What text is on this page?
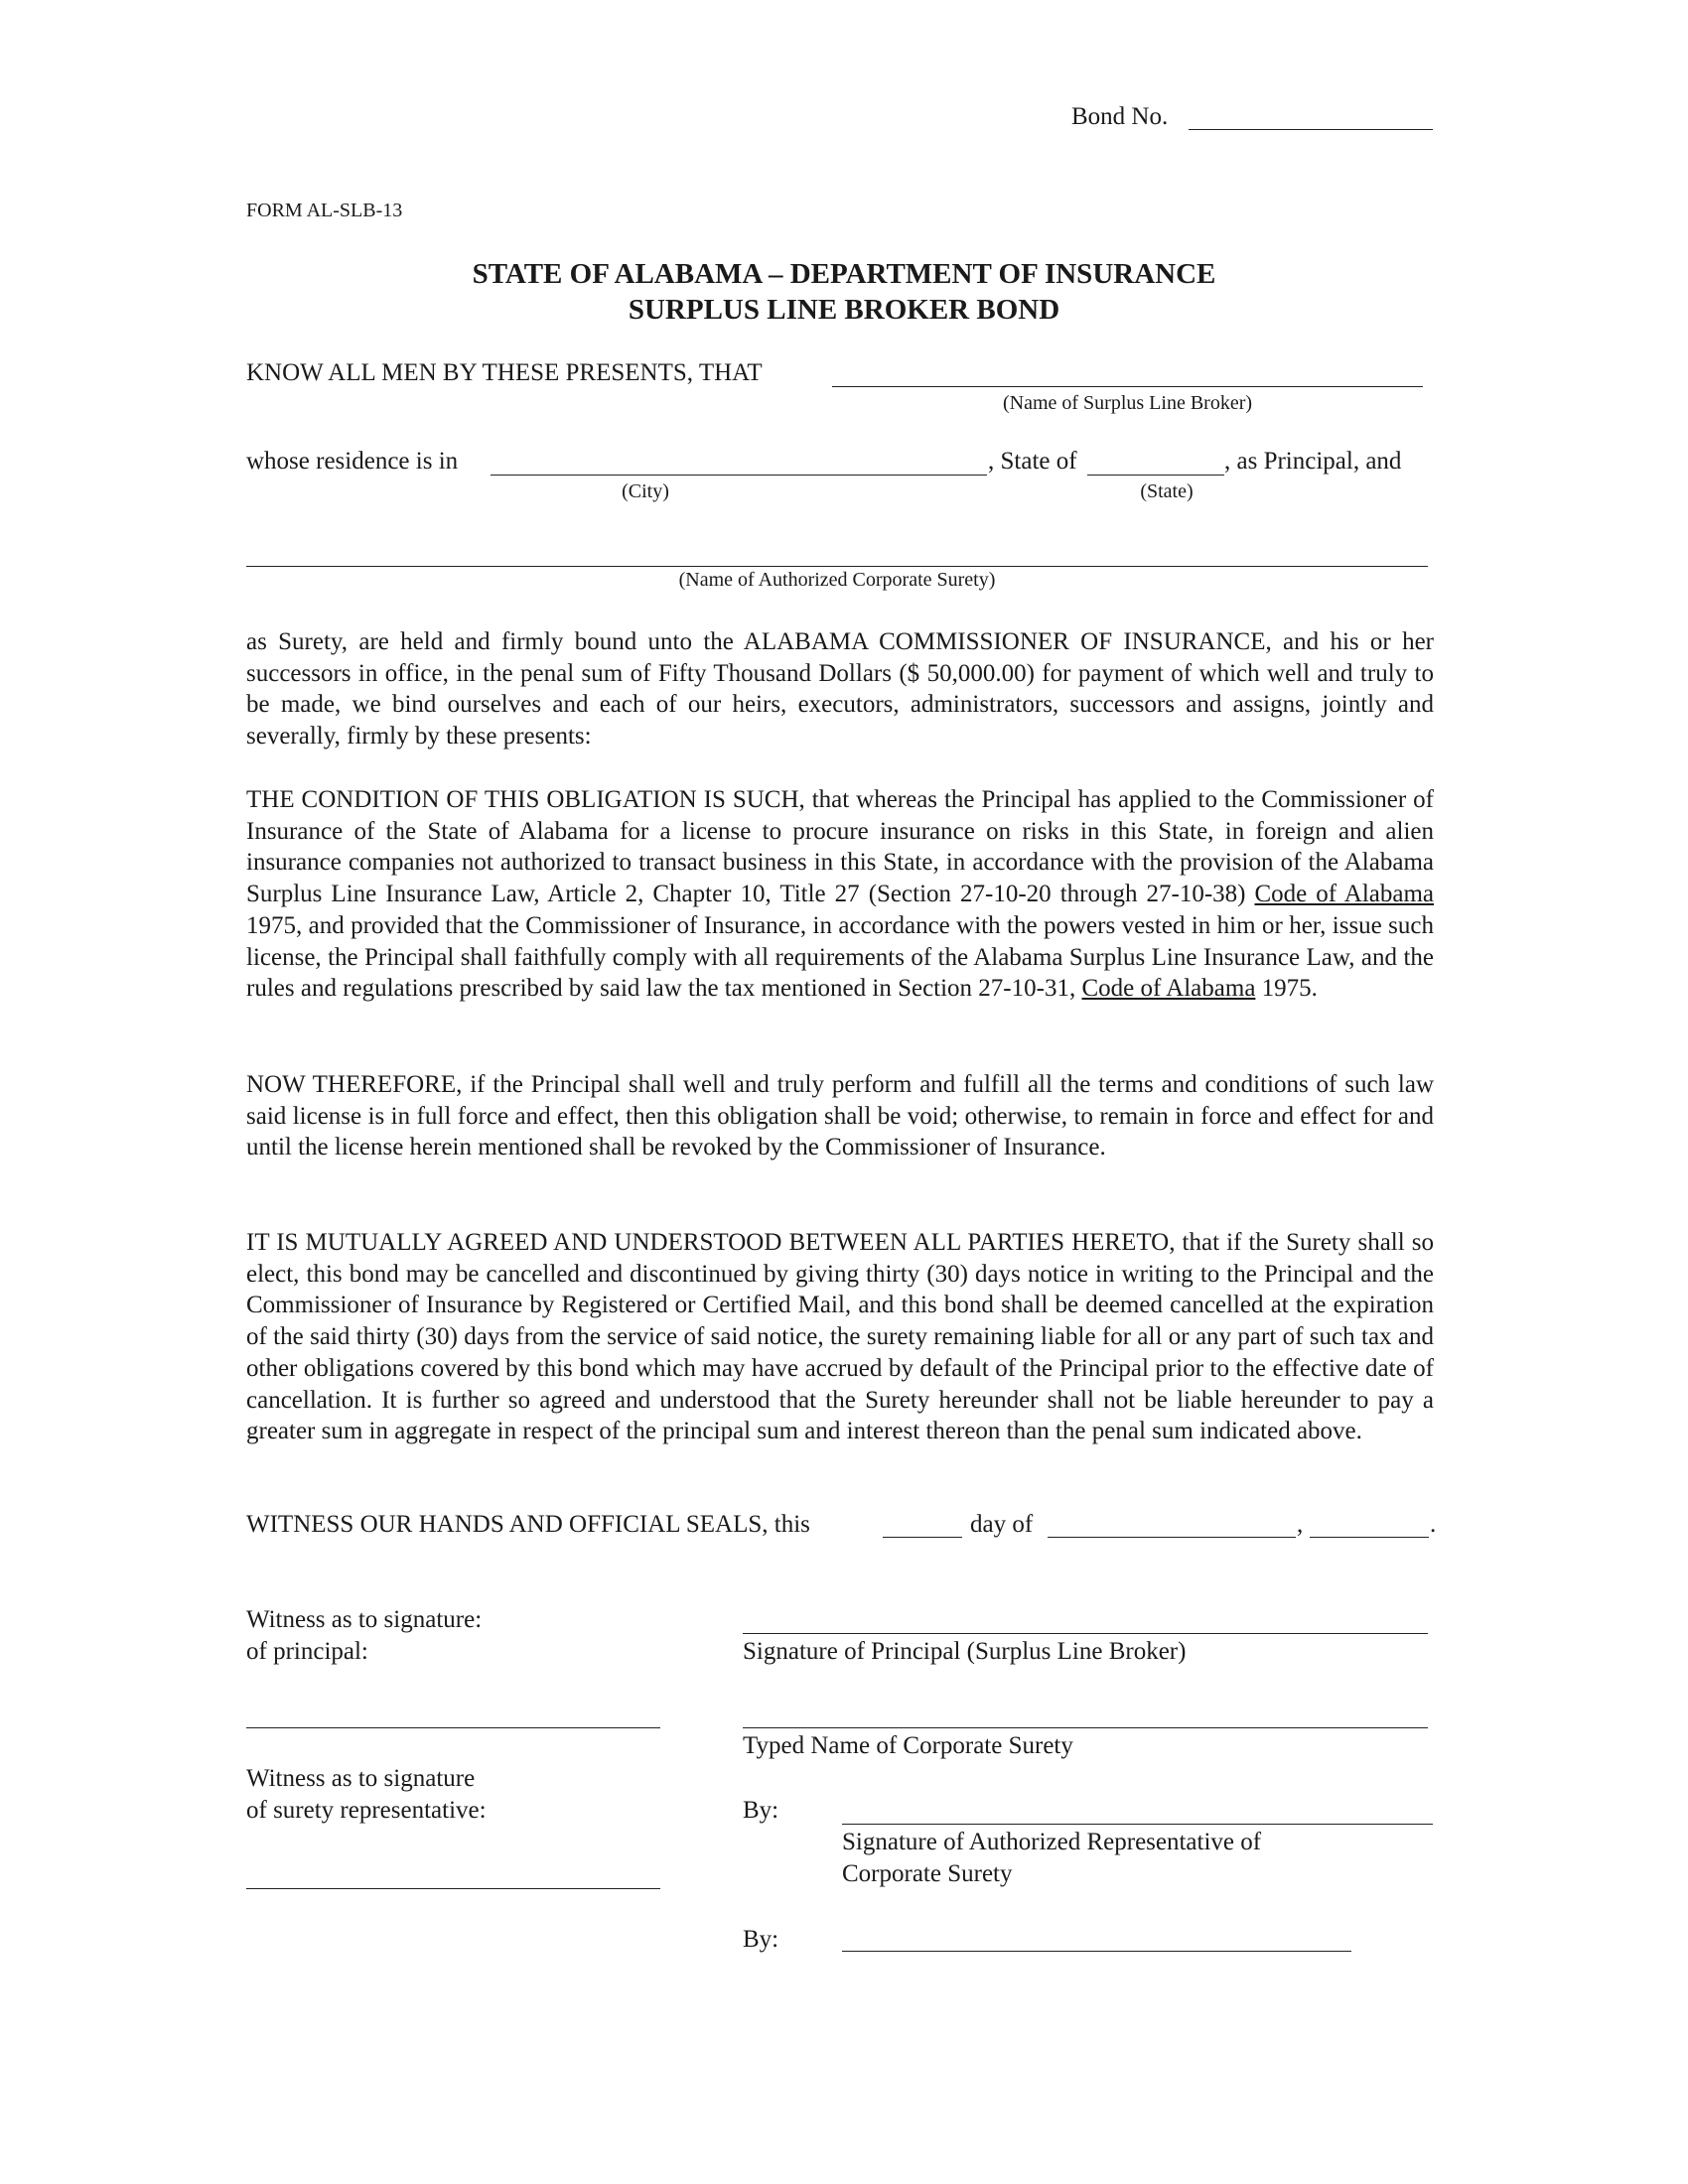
Bond No.
FORM AL-SLB-13
STATE OF ALABAMA – DEPARTMENT OF INSURANCE
SURPLUS LINE BROKER BOND
KNOW ALL MEN BY THESE PRESENTS, THAT
(Name of Surplus Line Broker)
whose residence is in	, State of	, as Principal, and
(City)	(State)
(Name of Authorized Corporate Surety)
as Surety, are held and firmly bound unto the ALABAMA COMMISSIONER OF INSURANCE, and his or her successors in office, in the penal sum of Fifty Thousand Dollars ($ 50,000.00) for payment of which well and truly to be made, we bind ourselves and each of our heirs, executors, administrators, successors and assigns, jointly and severally, firmly by these presents:
THE CONDITION OF THIS OBLIGATION IS SUCH, that whereas the Principal has applied to the Commissioner of Insurance of the State of Alabama for a license to procure insurance on risks in this State, in foreign and alien insurance companies not authorized to transact business in this State, in accordance with the provision of the Alabama Surplus Line Insurance Law, Article 2, Chapter 10, Title 27 (Section 27-10-20 through 27-10-38) Code of Alabama 1975, and provided that the Commissioner of Insurance, in accordance with the powers vested in him or her, issue such license, the Principal shall faithfully comply with all requirements of the Alabama Surplus Line Insurance Law, and the rules and regulations prescribed by said law the tax mentioned in Section 27-10-31, Code of Alabama 1975.
NOW THEREFORE, if the Principal shall well and truly perform and fulfill all the terms and conditions of such law said license is in full force and effect, then this obligation shall be void; otherwise, to remain in force and effect for and until the license herein mentioned shall be revoked by the Commissioner of Insurance.
IT IS MUTUALLY AGREED AND UNDERSTOOD BETWEEN ALL PARTIES HERETO, that if the Surety shall so elect, this bond may be cancelled and discontinued by giving thirty (30) days notice in writing to the Principal and the Commissioner of Insurance by Registered or Certified Mail, and this bond shall be deemed cancelled at the expiration of the said thirty (30) days from the service of said notice, the surety remaining liable for all or any part of such tax and other obligations covered by this bond which may have accrued by default of the Principal prior to the effective date of cancellation. It is further so agreed and understood that the Surety hereunder shall not be liable hereunder to pay a greater sum in aggregate in respect of the principal sum and interest thereon than the penal sum indicated above.
WITNESS OUR HANDS AND OFFICIAL SEALS, this	day of	,	.
Witness as to signature:
of principal:	Signature of Principal (Surplus Line Broker)
Typed Name of Corporate Surety
Witness as to signature
of surety representative:	By:
Signature of Authorized Representative of
Corporate Surety
By:
